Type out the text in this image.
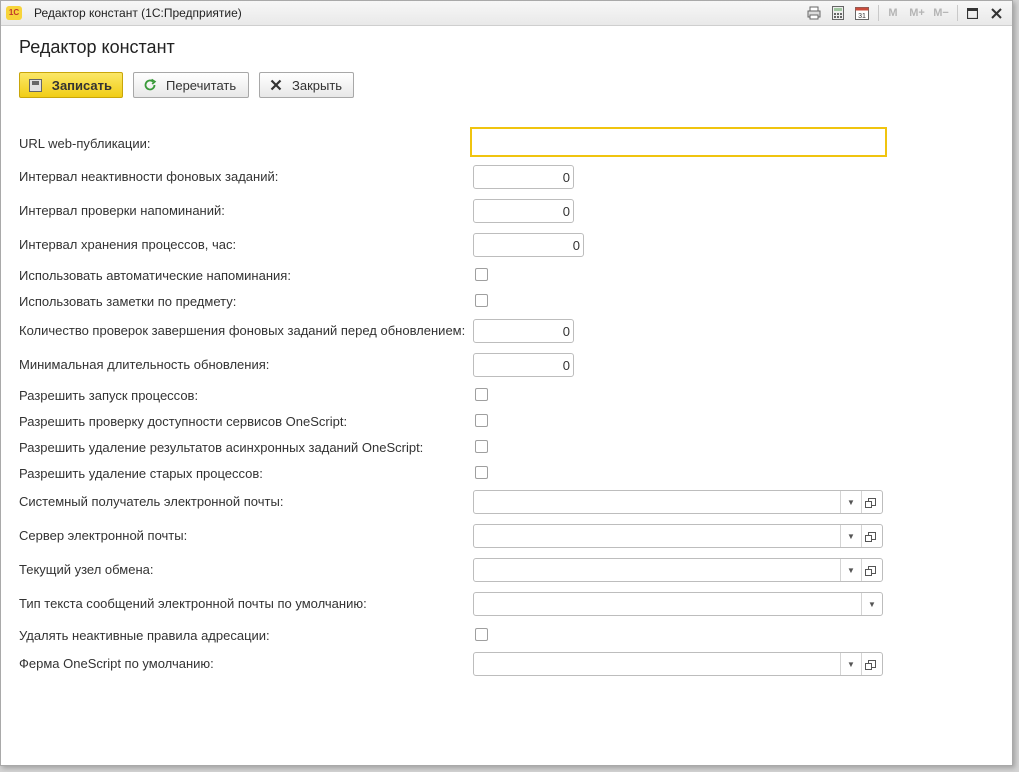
1С Редактор констант (1С:Предприятие)	31	M	M+ M−
Редактор констант
Записать	Перечитать	Закрыть
URL web-публикации:
Интервал неактивности фоновых заданий:	0
Интервал проверки напоминаний:	0
Интервал хранения процессов, час:	0
Использовать автоматические напоминания:
Использовать заметки по предмету:
Количество проверок завершения фоновых заданий перед обновлением:	0
Минимальная длительность обновления:	0
Разрешить запуск процессов:
Разрешить проверку доступности сервисов OneScript:
Разрешить удаление результатов асинхронных заданий OneScript:
Разрешить удаление старых процессов:
Системный получатель электронной почты:	▼
Сервер электронной почты:	▼
Текущий узел обмена:	▼
Тип текста сообщений электронной почты по умолчанию:	▼
Удалять неактивные правила адресации:
Ферма OneScript по умолчанию:	▼
